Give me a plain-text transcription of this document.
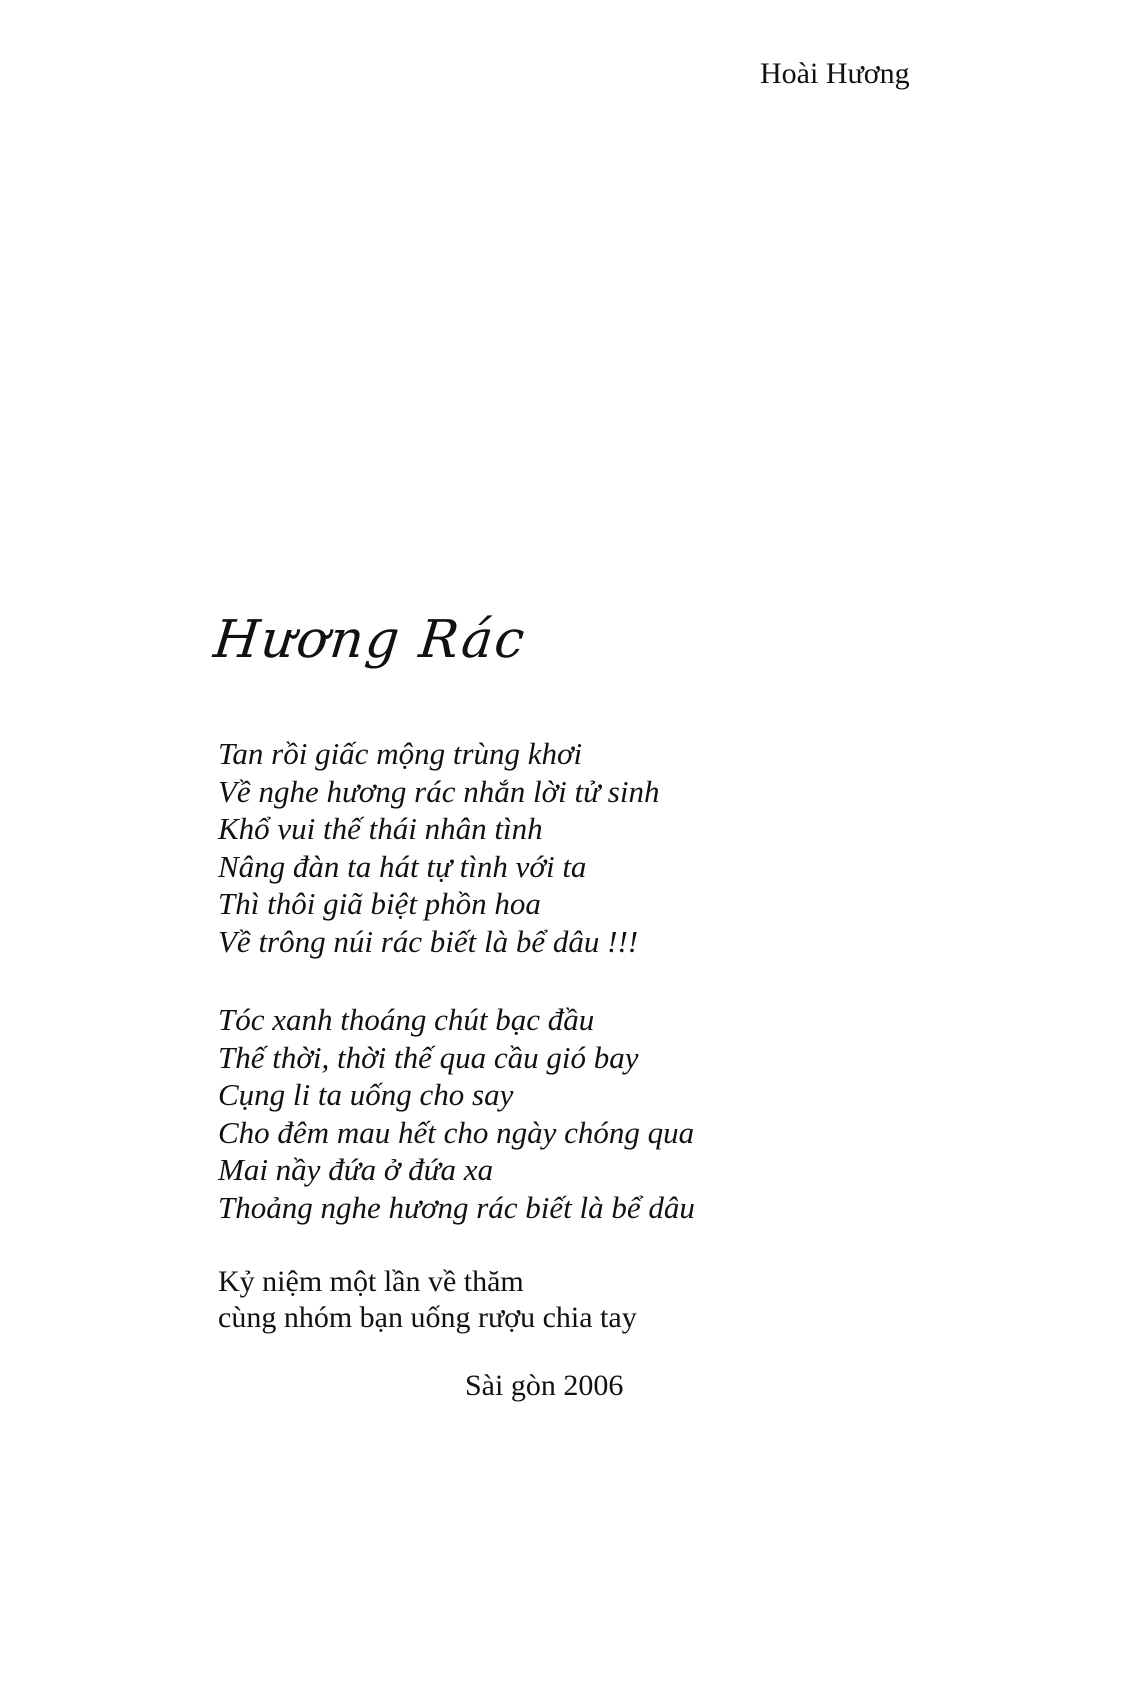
Hoài Hương
Hương Rác
Tan rồi giấc mộng trùng khơi
Về nghe hương rác nhắn lời tử sinh
Khổ vui thế thái nhân tình
Nâng đàn ta hát tự tình với ta
Thì thôi giã biệt phồn hoa
Về trông núi rác biết là bể dâu !!!
Tóc xanh thoáng chút bạc đầu
Thế thời, thời thế qua cầu gió bay
Cụng li ta uống cho say
Cho đêm mau hết cho ngày chóng qua
Mai nầy đứa ở đứa xa
Thoảng nghe hương rác biết là bể dâu
Kỷ niệm một lần về thăm
cùng nhóm bạn uống rượu chia tay
Sài gòn 2006
